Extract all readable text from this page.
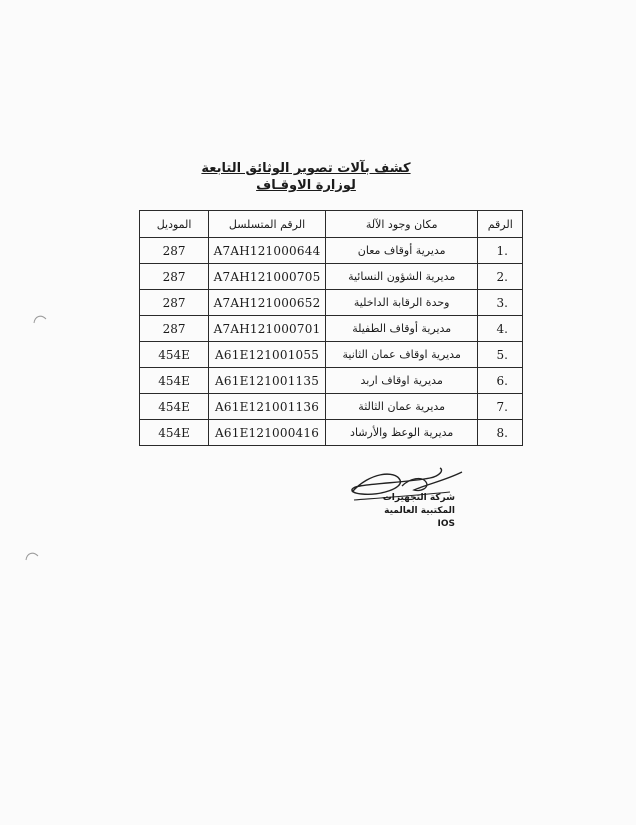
كشف بآلات تصوير الوثائق التابعة
لوزارة الاوقـاف
الرقم	مكان وجود الآلة	الرقم المتسلسل	الموديل
.1	مديرية أوقاف معان	A7AH121000644	287
.2	مديرية الشؤون النسائية	A7AH121000705	287
.3	وحدة الرقابة الداخلية	A7AH121000652	287
.4	مديرية أوقاف الطفيلة	A7AH121000701	287
.5	مديرية اوقاف عمان الثانية	A61E121001055	454E
.6	مديرية اوقاف اربد	A61E121001135	454E
.7	مديرية عمان الثالثة	A61E121001136	454E
.8	مديرية الوعظ والأرشاد	A61E121000416	454E
شركة التجهيزات
المكتبية العالمية IOS
